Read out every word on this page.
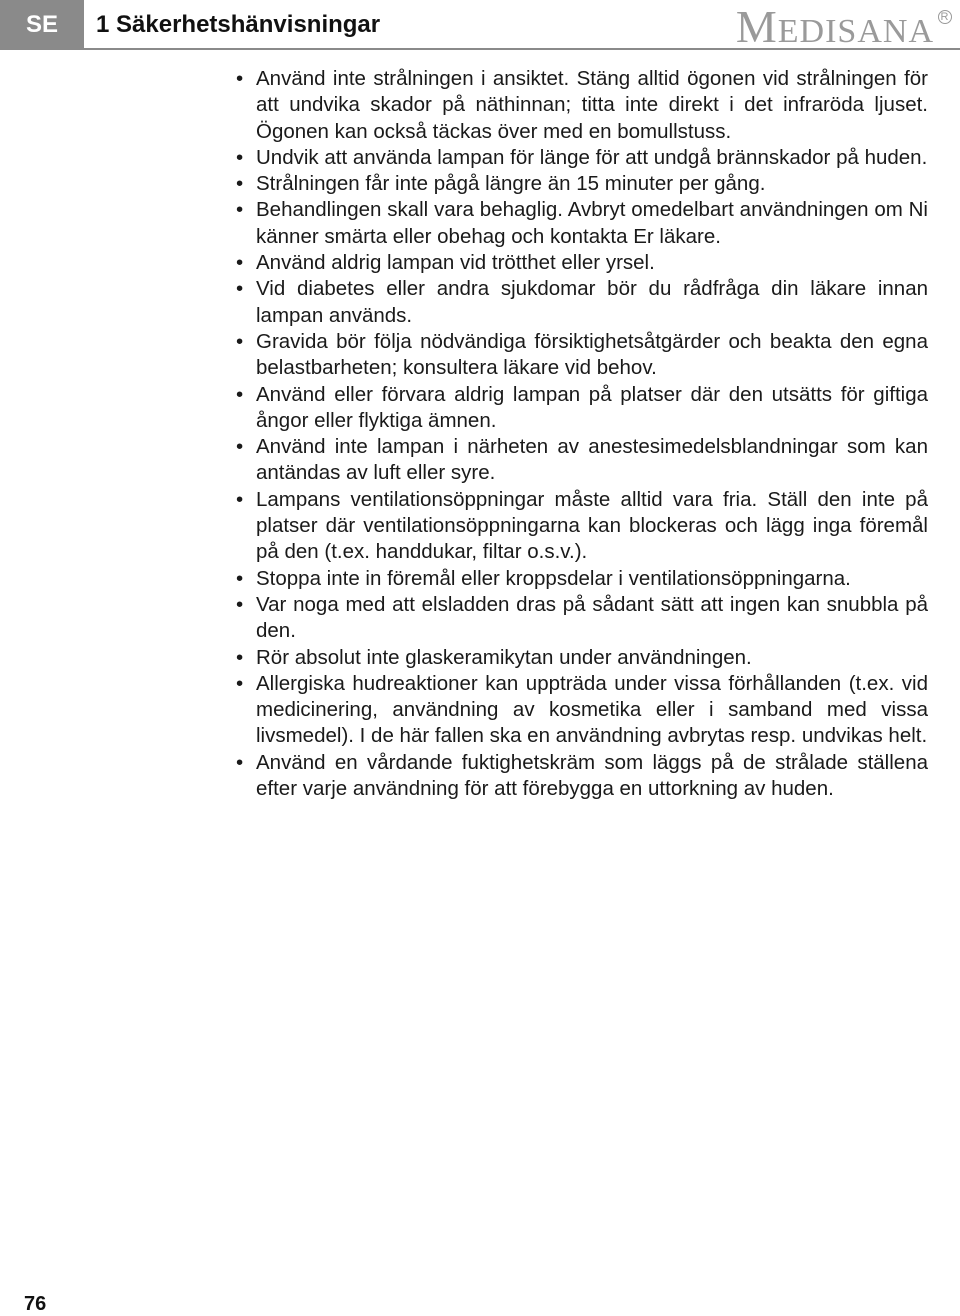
SE	1 Säkerhetshänvisningar	MEDISANA R
• Använd inte strålningen i ansiktet. Stäng alltid ögonen vid strålningen för att undvika skador på näthinnan; titta inte direkt i det infraröda ljuset. Ögonen kan också täckas över med en bomullstuss.
• Undvik att använda lampan för länge för att undgå brännskador på huden.
• Strålningen får inte pågå längre än 15 minuter per gång.
• Behandlingen skall vara behaglig. Avbryt omedelbart användningen om Ni känner smärta eller obehag och kontakta Er läkare.
• Använd aldrig lampan vid trötthet eller yrsel.
• Vid diabetes eller andra sjukdomar bör du rådfråga din läkare innan lampan används.
• Gravida bör följa nödvändiga försiktighetsåtgärder och beakta den egna belastbarheten; konsultera läkare vid behov.
• Använd eller förvara aldrig lampan på platser där den utsätts för giftiga ångor eller flyktiga ämnen.
• Använd inte lampan i närheten av anestesimedelsblandningar som kan antändas av luft eller syre.
• Lampans ventilationsöppningar måste alltid vara fria. Ställ den inte på platser där ventilationsöppningarna kan blockeras och lägg inga föremål på den (t.ex. handdukar, filtar o.s.v.).
• Stoppa inte in föremål eller kroppsdelar i ventilationsöppningarna.
• Var noga med att elsladden dras på sådant sätt att ingen kan snubbla på den.
• Rör absolut inte glaskeramikytan under användningen.
• Allergiska hudreaktioner kan uppträda under vissa förhållanden (t.ex. vid medicinering, användning av kosmetika eller i samband med vissa livsmedel). I de här fallen ska en användning avbrytas resp. undvikas helt.
• Använd en vårdande fuktighetskräm som läggs på de strålade ställena efter varje användning för att förebygga en uttorkning av huden.
76
